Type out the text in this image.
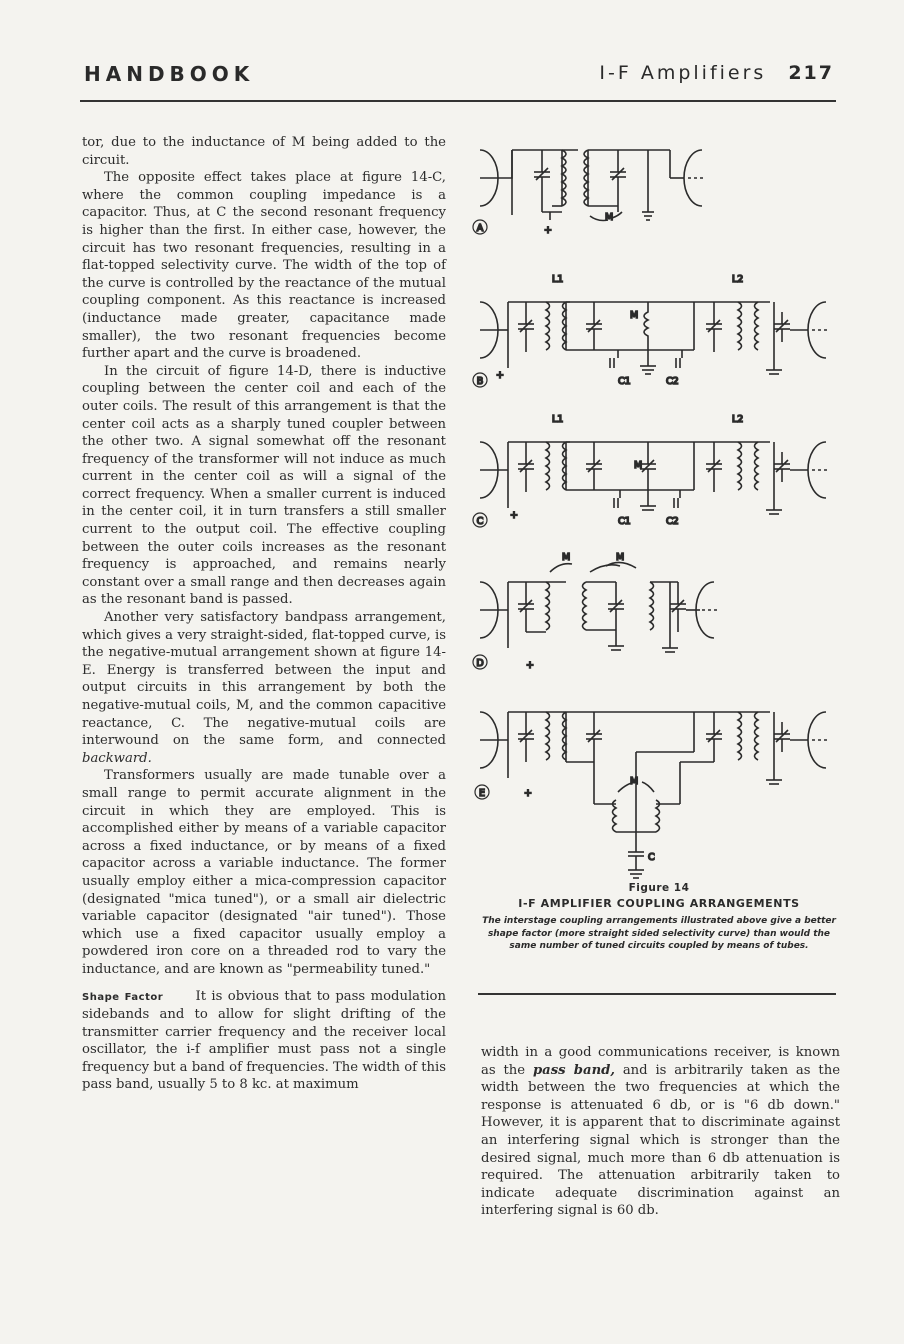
HANDBOOK	I-F Amplifiers 217

tor, due to the inductance of M being added to the circuit.

The opposite effect takes place at figure 14-C, where the common coupling impedance is a capacitor. Thus, at C the second resonant frequency is higher than the first. In either case, however, the circuit has two resonant frequencies, resulting in a flat-topped selectivity curve. The width of the top of the curve is controlled by the reactance of the mutual coupling component. As this reactance is increased (inductance made greater, capacitance made smaller), the two resonant frequencies become further apart and the curve is broadened.

In the circuit of figure 14-D, there is inductive coupling between the center coil and each of the outer coils. The result of this arrangement is that the center coil acts as a sharply tuned coupler between the other two. A signal somewhat off the resonant frequency of the transformer will not induce as much current in the center coil as will a signal of the correct frequency. When a smaller current is induced in the center coil, it in turn transfers a still smaller current to the output coil. The effective coupling between the outer coils increases as the resonant frequency is approached, and remains nearly constant over a small range and then decreases again as the resonant band is passed.

Another very satisfactory bandpass arrangement, which gives a very straight-sided, flat-topped curve, is the negative-mutual arrangement shown at figure 14-E. Energy is transferred between the input and output circuits in this arrangement by both the negative-mutual coils, M, and the common capacitive reactance, C. The negative-mutual coils are interwound on the same form, and connected backward.

Transformers usually are made tunable over a small range to permit accurate alignment in the circuit in which they are employed. This is accomplished either by means of a variable capacitor across a fixed inductance, or by means of a fixed capacitor across a variable inductance. The former usually employ either a mica-compression capacitor (designated "mica tuned"), or a small air dielectric variable capacitor (designated "air tuned"). Those which use a fixed capacitor usually employ a powdered iron core on a threaded rod to vary the inductance, and are known as "permeability tuned."

Shape Factor It is obvious that to pass modulation sidebands and to allow for slight drifting of the transmitter carrier frequency and the receiver local oscillator, the i-f amplifier must pass not a single frequency but a band of frequencies. The width of this pass band, usually 5 to 8 kc. at maximum

A	+
M
B
+
L1	L2
M
C1	C2
C
+
L1	L2
M
C1	C2
D	+
M	M
E	+
M
C
Figure 14
I-F AMPLIFIER COUPLING ARRANGEMENTS
The interstage coupling arrangements illustrated above give a better shape factor (more straight sided selectivity curve) than would the same number of tuned circuits coupled by means of tubes.

width in a good communications receiver, is known as the pass band, and is arbitrarily taken as the width between the two frequencies at which the response is attenuated 6 db, or is "6 db down." However, it is apparent that to discriminate against an interfering signal which is stronger than the desired signal, much more than 6 db attenuation is required. The attenuation arbitrarily taken to indicate adequate discrimination against an interfering signal is 60 db.
